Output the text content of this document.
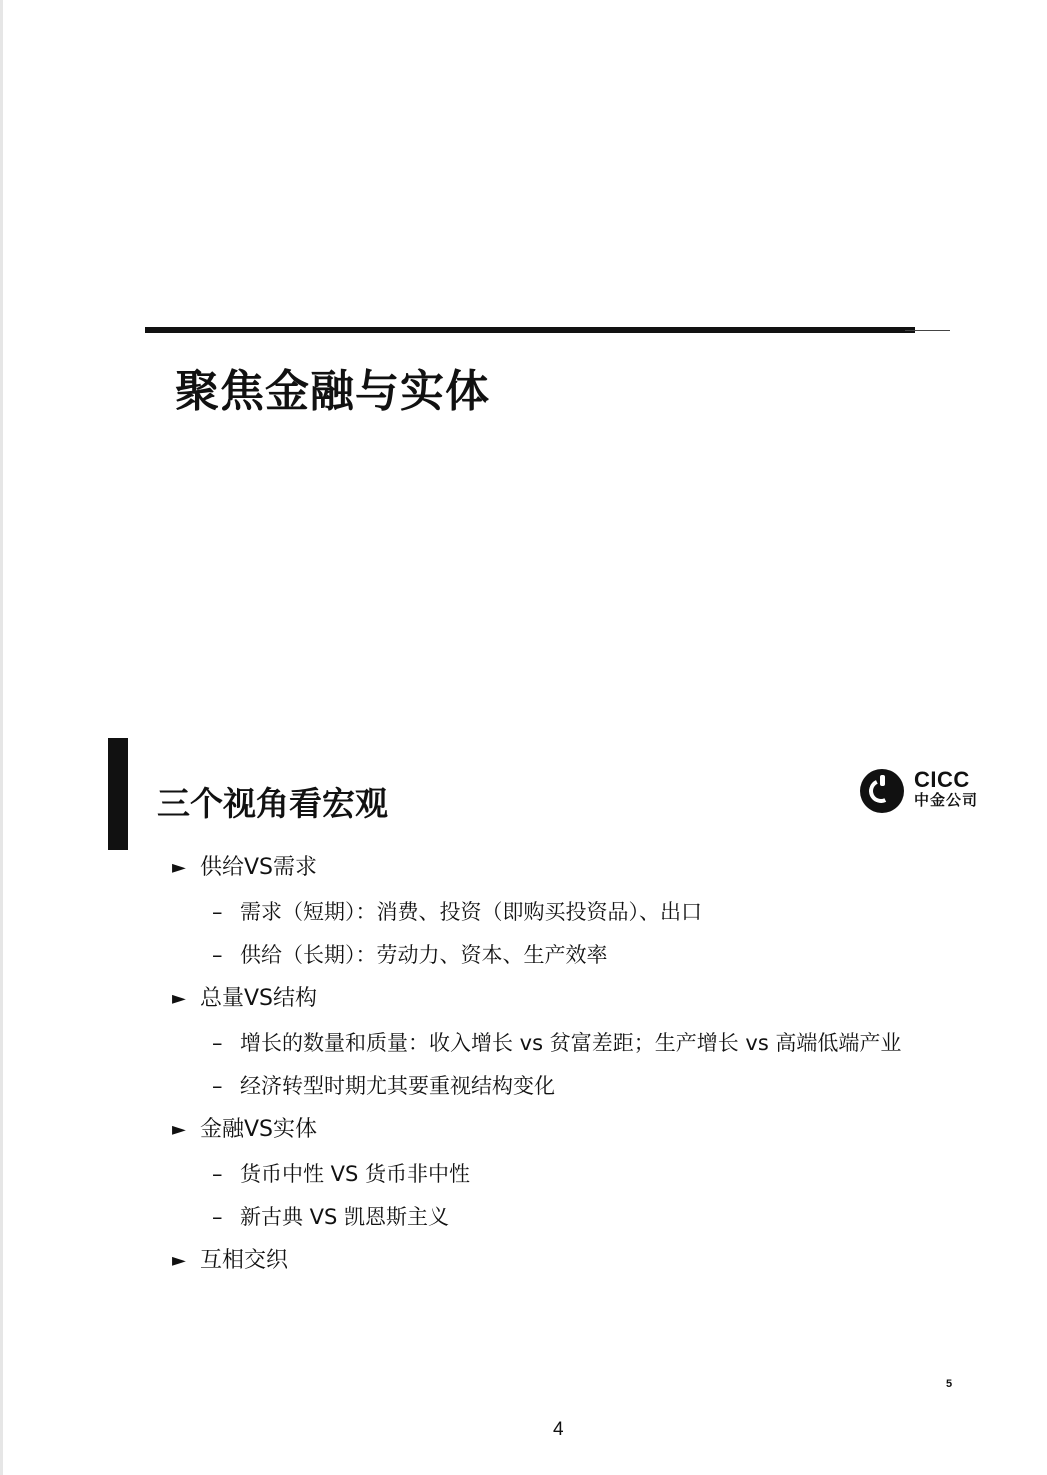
聚焦金融与实体
三个视角看宏观
CICC
中金公司
► 供给VS需求
– 需求（短期）：消费、投资（即购买投资品）、出口
– 供给（长期）：劳动力、资本、生产效率
► 总量VS结构
– 增长的数量和质量：收入增长 vs 贫富差距；生产增长 vs 高端低端产业
– 经济转型时期尤其要重视结构变化
► 金融VS实体
– 货币中性 VS 货币非中性
– 新古典 VS 凯恩斯主义
► 互相交织
5
4
